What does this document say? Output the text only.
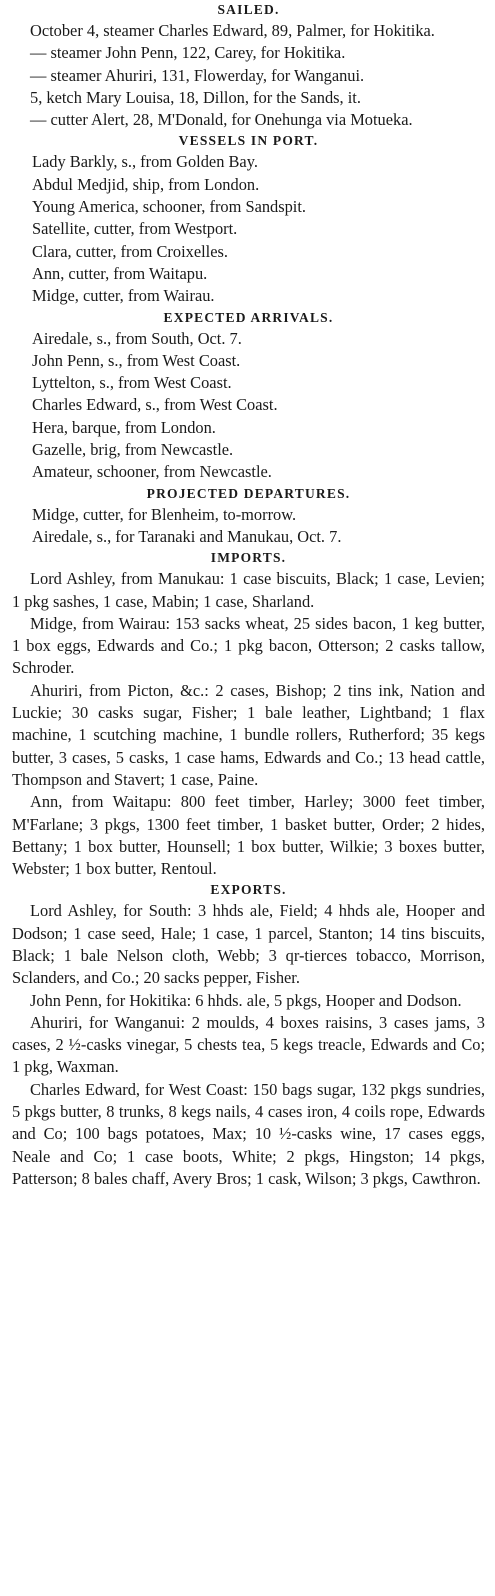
SAILED.

October 4, steamer Charles Edward, 89, Palmer, for Hokitika.

— steamer John Penn, 122, Carey, for Hokitika.

— steamer Ahuriri, 131, Flowerday, for Wanganui.

5, ketch Mary Louisa, 18, Dillon, for the Sands, it.

— cutter Alert, 28, M'Donald, for Onehunga via Motueka.

VESSELS IN PORT.

Lady Barkly, s., from Golden Bay.

Abdul Medjid, ship, from London.

Young America, schooner, from Sandspit.

Satellite, cutter, from Westport.

Clara, cutter, from Croixelles.

Ann, cutter, from Waitapu.

Midge, cutter, from Wairau.

EXPECTED ARRIVALS.

Airedale, s., from South, Oct. 7.

John Penn, s., from West Coast.

Lyttelton, s., from West Coast.

Charles Edward, s., from West Coast.

Hera, barque, from London.

Gazelle, brig, from Newcastle.

Amateur, schooner, from Newcastle.

PROJECTED DEPARTURES.

Midge, cutter, for Blenheim, to-morrow.

Airedale, s., for Taranaki and Manukau, Oct. 7.

IMPORTS.

Lord Ashley, from Manukau: 1 case biscuits, Black; 1 case, Levien; 1 pkg sashes, 1 case, Mabin; 1 case, Sharland.

Midge, from Wairau: 153 sacks wheat, 25 sides bacon, 1 keg butter, 1 box eggs, Edwards and Co.; 1 pkg bacon, Otterson; 2 casks tallow, Schroder.

Ahuriri, from Picton, &c.: 2 cases, Bishop; 2 tins ink, Nation and Luckie; 30 casks sugar, Fisher; 1 bale leather, Lightband; 1 flax machine, 1 scutching machine, 1 bundle rollers, Rutherford; 35 kegs butter, 3 cases, 5 casks, 1 case hams, Edwards and Co.; 13 head cattle, Thompson and Stavert; 1 case, Paine.

Ann, from Waitapu: 800 feet timber, Harley; 3000 feet timber, M'Farlane; 3 pkgs, 1300 feet timber, 1 basket butter, Order; 2 hides, Bettany; 1 box butter, Hounsell; 1 box butter, Wilkie; 3 boxes butter, Webster; 1 box butter, Rentoul.

EXPORTS.

Lord Ashley, for South: 3 hhds ale, Field; 4 hhds ale, Hooper and Dodson; 1 case seed, Hale; 1 case, 1 parcel, Stanton; 14 tins biscuits, Black; 1 bale Nelson cloth, Webb; 3 qr-tierces tobacco, Morrison, Sclanders, and Co.; 20 sacks pepper, Fisher.

John Penn, for Hokitika: 6 hhds. ale, 5 pkgs, Hooper and Dodson.

Ahuriri, for Wanganui: 2 moulds, 4 boxes raisins, 3 cases jams, 3 cases, 2 ½-casks vinegar, 5 chests tea, 5 kegs treacle, Edwards and Co; 1 pkg, Waxman.

Charles Edward, for West Coast: 150 bags sugar, 132 pkgs sundries, 5 pkgs butter, 8 trunks, 8 kegs nails, 4 cases iron, 4 coils rope, Edwards and Co; 100 bags potatoes, Max; 10 ½-casks wine, 17 cases eggs, Neale and Co; 1 case boots, White; 2 pkgs, Hingston; 14 pkgs, Patterson; 8 bales chaff, Avery Bros; 1 cask, Wilson; 3 pkgs, Cawthron.
